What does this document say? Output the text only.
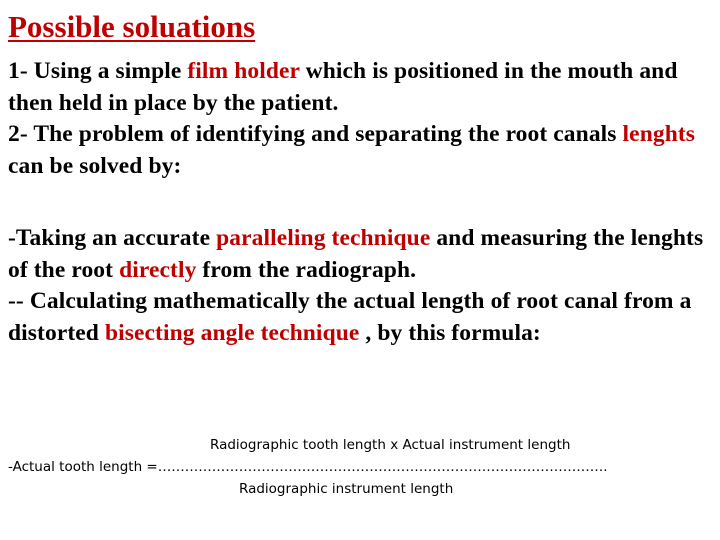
Possible soluations
1- Using a simple film holder which is positioned in the mouth and then held in place by the patient.
2- The problem of identifying and separating the root canals lenghts can be solved by:
-Taking an accurate paralleling technique and measuring the lenghts of the root directly from the radiograph.
-- Calculating mathematically the actual length of root canal from a distorted bisecting angle technique , by this formula:
Radiographic tooth length x Actual instrument length
-Actual tooth length =……………………………………………………………………………………….
Radiographic instrument length
